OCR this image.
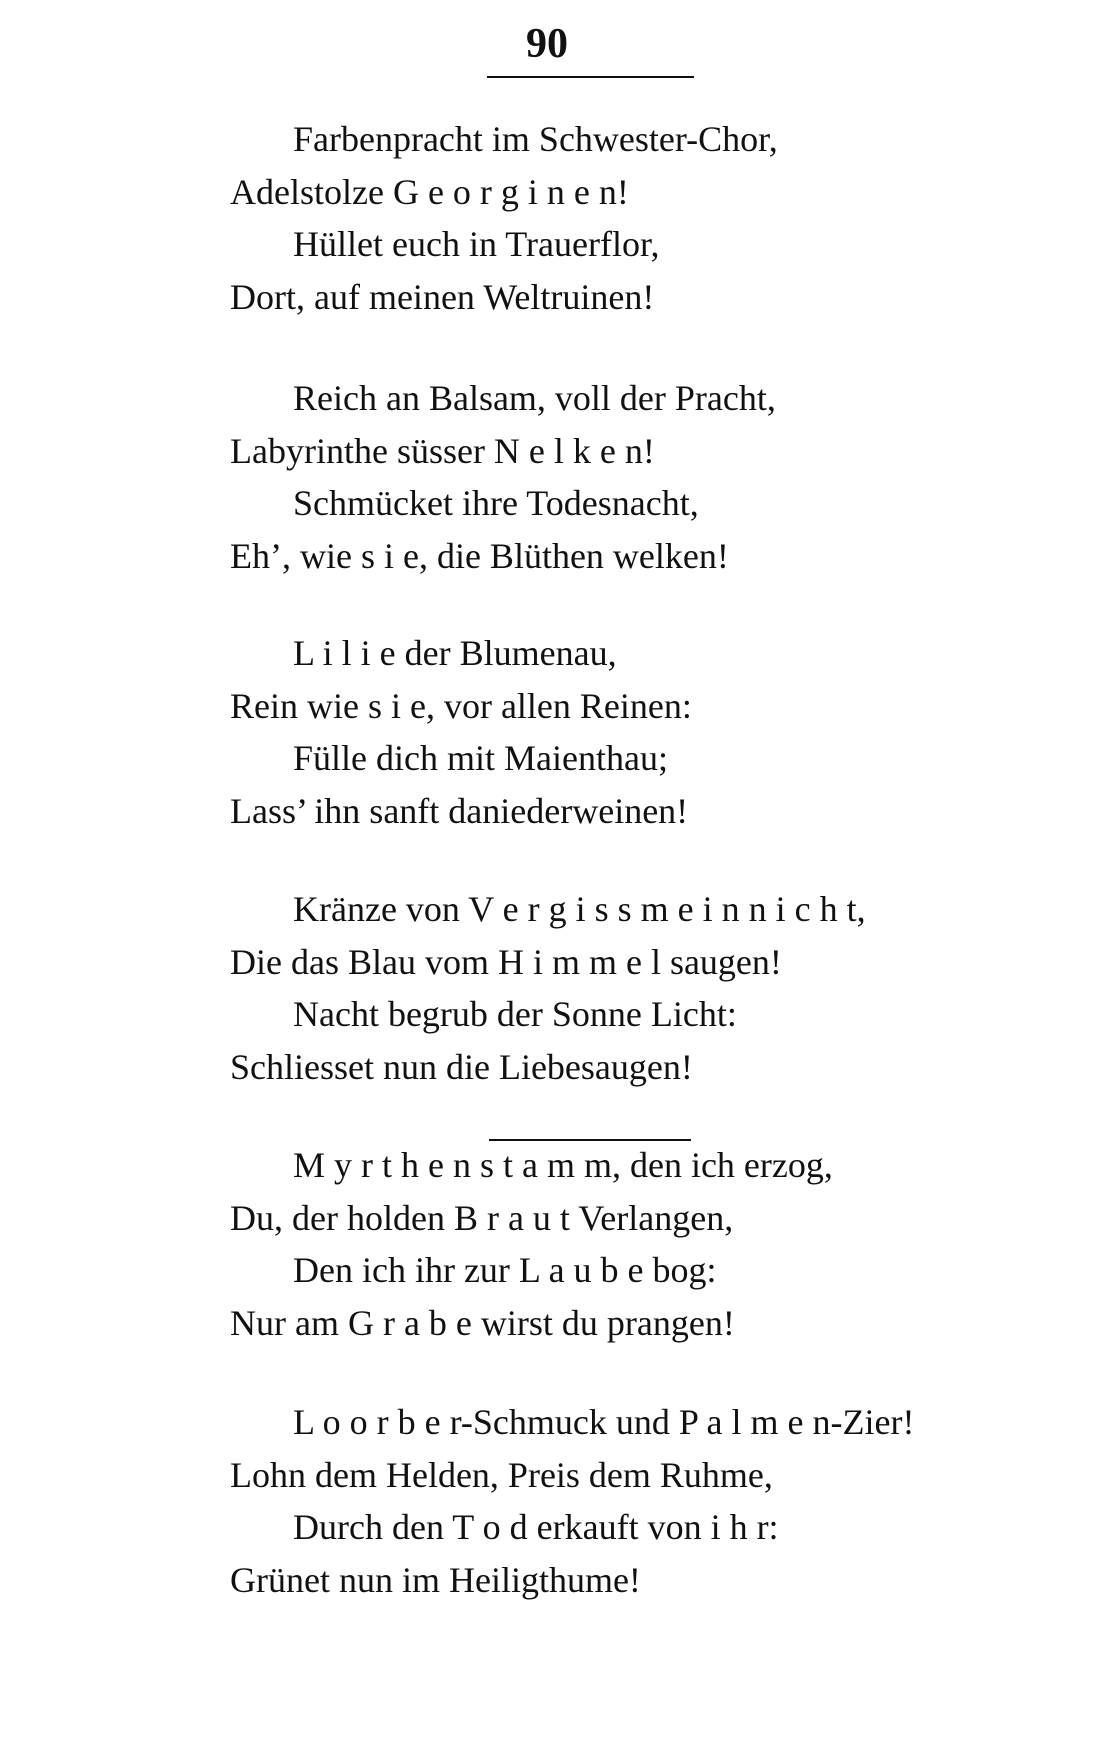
90
Farbenpracht im Schwester-Chor,
Adelstolze G e o r g i n e n!
Hüllet euch in Trauerflor,
Dort, auf meinen Weltruinen!
Reich an Balsam, voll der Pracht,
Labyrinthe süsser N e l k e n!
Schmücket ihre Todesnacht,
Eh’, wie s i e, die Blüthen welken!
L i l i e der Blumenau,
Rein wie s i e, vor allen Reinen:
Fülle dich mit Maienthau;
Lass’ ihn sanft daniederweinen!
Kränze von V e r g i s s m e i n n i c h t,
Die das Blau vom H i m m e l saugen!
Nacht begrub der Sonne Licht:
Schliesset nun die Liebesaugen!
M y r t h e n s t a m m, den ich erzog,
Du, der holden B r a u t Verlangen,
Den ich ihr zur L a u b e bog:
Nur am G r a b e wirst du prangen!
L o o r b e r-Schmuck und P a l m e n-Zier!
Lohn dem Helden, Preis dem Ruhme,
Durch den T o d erkauft von i h r:
Grünet nun im Heiligthume!
